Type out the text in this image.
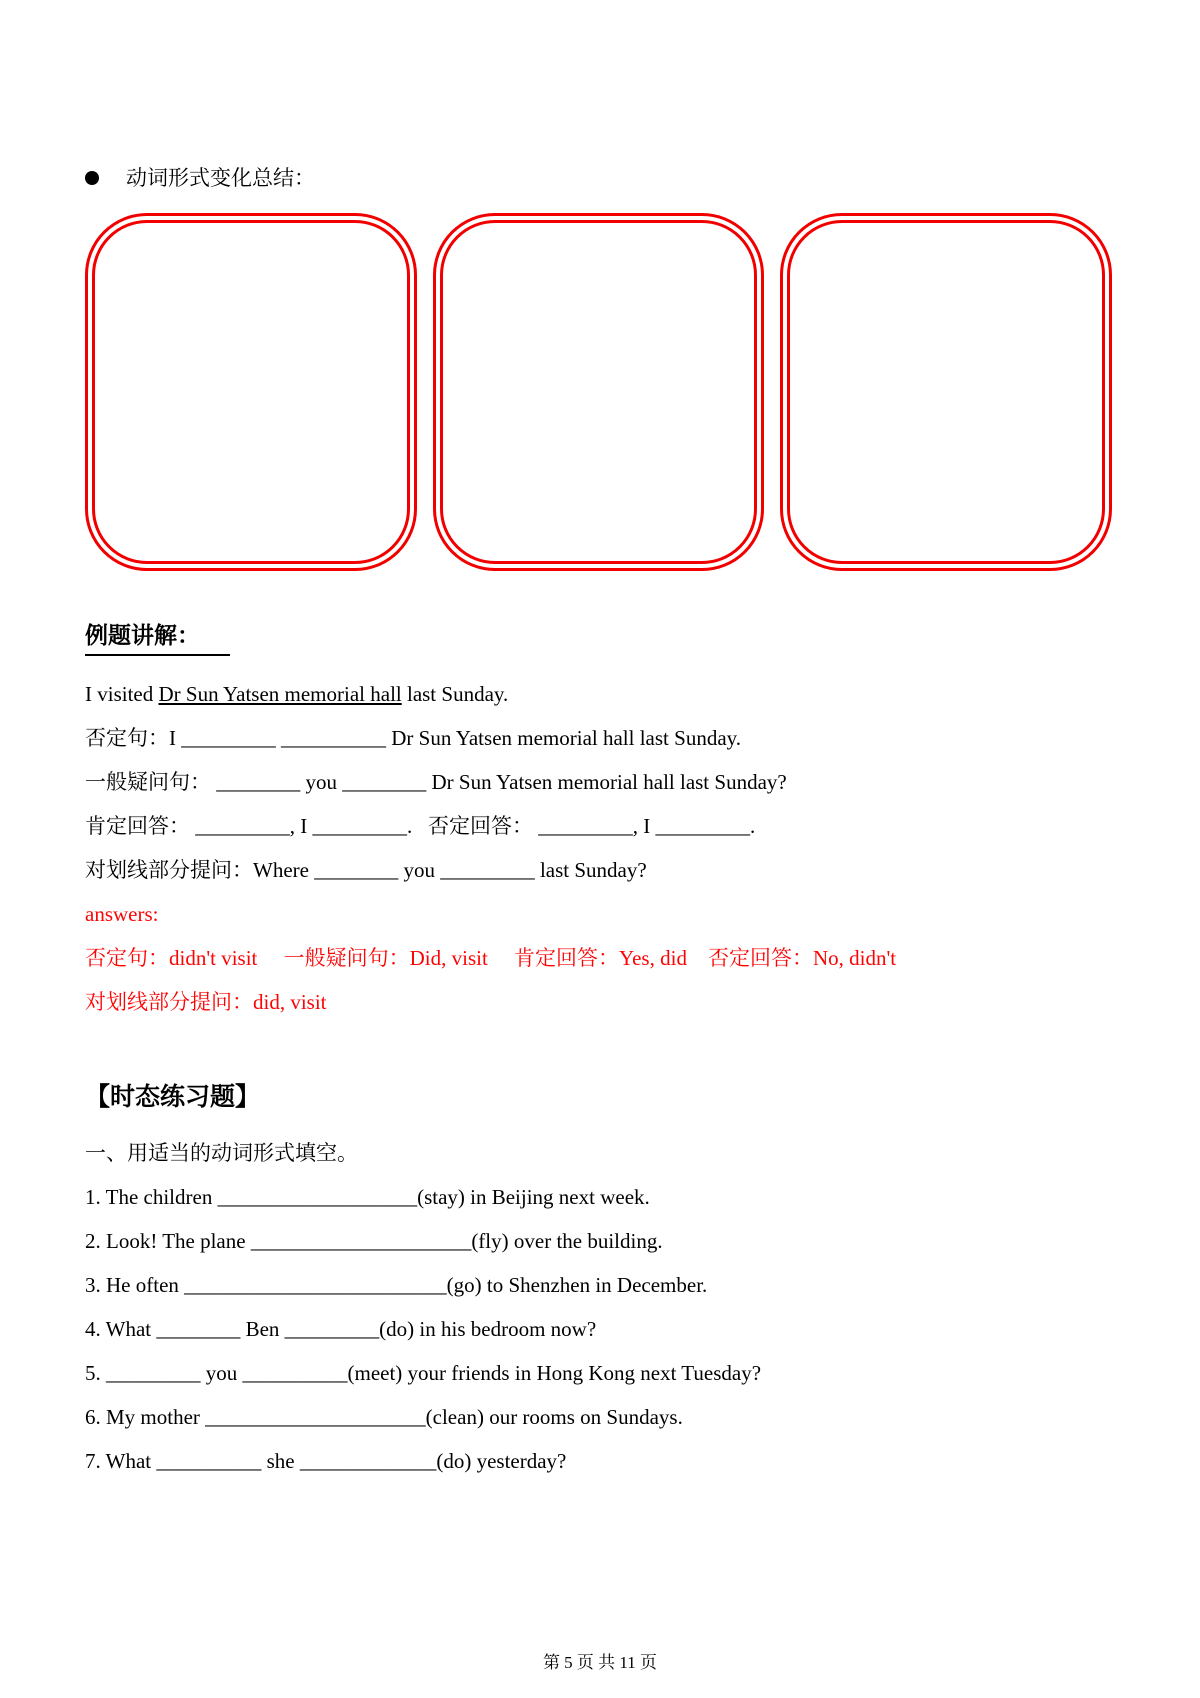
动词形式变化总结：
例题讲解：

I visited Dr Sun Yatsen memorial hall last Sunday.

否定句：I _________ __________ Dr Sun Yatsen memorial hall last Sunday.

一般疑问句： ________ you ________ Dr Sun Yatsen memorial hall last Sunday?

肯定回答： _________, I _________.   否定回答： _________, I _________.

对划线部分提问：Where ________ you _________ last Sunday?

answers:

否定句：didn't visit     一般疑问句：Did, visit     肯定回答：Yes, did    否定回答：No, didn't

对划线部分提问：did, visit

【时态练习题】

一、用适当的动词形式填空。

1. The children ___________________(stay) in Beijing next week.

2. Look! The plane _____________________(fly) over the building.

3. He often _________________________(go) to Shenzhen in December.

4. What ________ Ben _________(do) in his bedroom now?

5. _________ you __________(meet) your friends in Hong Kong next Tuesday?

6. My mother _____________________(clean) our rooms on Sundays.

7. What __________ she _____________(do) yesterday?

第 5 页 共 11 页
